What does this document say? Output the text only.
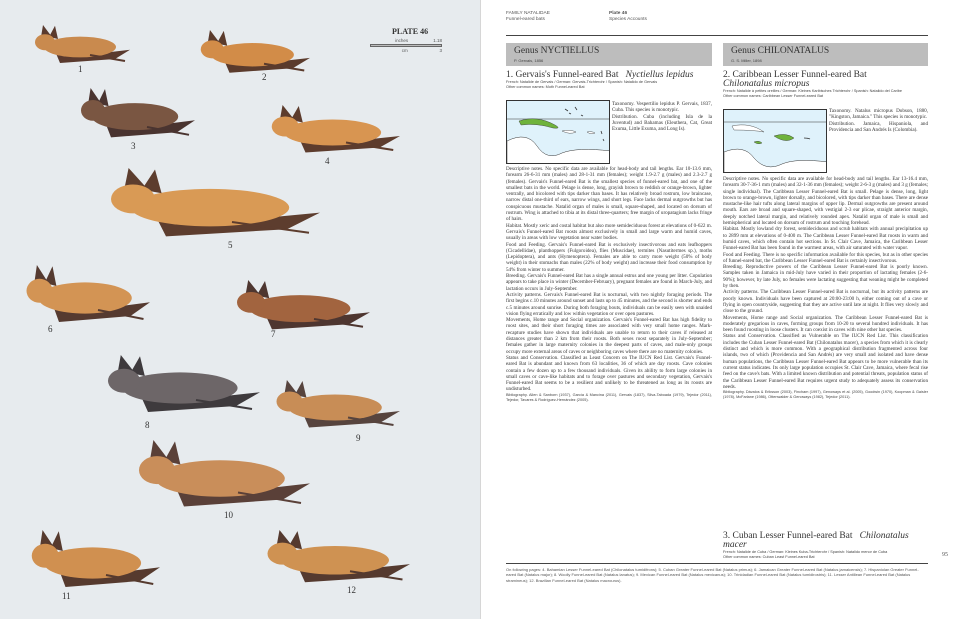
PLATE 46
inches	1.18
cm	3
1
2
3
4
5
6	7
8
9
10
11
12
FAMILY NATALIDAE
Funnel-eared bats
Plate 46
Species Accounts
Genus NYCTIELLUS
P. Gervais, 1856
Genus CHILONATALUS
G. S. Miller, 1898
1. Gervais's Funnel-eared Bat Nyctiellus lepidus
French: Natalide de Gervais / German: Gervais-Trichterohr / Spanish: Natalido de Gervais
Other common names: Moth Funnel-eared Bat

Taxonomy. Vespertilio lepidus P. Gervais, 1837, Cuba. This species is monotypic.

Distribution. Cuba (including Isla de la Juventud) and Bahamas (Eleuthera, Cat, Great Exuma, Little Exuma, and Long Is).

Descriptive notes. No specific data are available for head-body and tail lengths. Ear 10-13.6 mm, forearm 26-6-31 mm (males) and 28-1-31 mm (females); weight 1.9-2.7 g (males) and 2.3-2.7 g (females). Gervais's Funnel-eared Bat is the smallest species of funnel-eared bat, and one of the smallest bats in the world. Pelage is dense, long, grayish brown to reddish or orange-brown, lighter ventrally, and bicolored with tips darker than bases. It has relatively broad rostrum, low braincase, narrow distal one-third of ears, narrow wings, and short legs. Face lacks dermal outgrowths but has conspicuous mustache. Natalid organ of males is small, square-shaped, and located on dorsum of rostrum. Wing is attached to tibia at its distal three-quarters; free margin of uropatagium lacks fringe of hairs.

Habitat. Mostly xeric and costal habitat but also more semideciduous forest at elevations of 0-622 m. Gervais's Funnel-eared Bat roosts almost exclusively in small and large warm and humid caves, usually in areas with low vegetation near water bodies.

Food and Feeding. Gervais's Funnel-eared Bat is exclusively insectivorous and eats leafhoppers (Cicadellidae), planthoppers (Fulgoroidea), flies (Muscidae), termites (Nasutitermes sp.), moths (Lepidoptera), and ants (Hymenoptera). Females are able to carry more weight (50% of body weight) in their stomachs than males (22% of body weight) and increase their food consumption by 54% from winter to summer.

Breeding. Gervais's Funnel-eared Bat has a single annual estrus and one young per litter. Copulation appears to take place in winter (December-February), pregnant females are found in March-July, and lactation occurs in July-September.

Activity patterns. Gervais's Funnel-eared Bat is nocturnal, with two nightly foraging periods. The first begins c.10 minutes around sunset and lasts up to 45 minutes, and the second is shorter and ends c.5 minutes around sunrise. During both foraging bouts, individuals can be easily seen with unaided vision flying erratically and low within vegetation or over open pastures.

Movements, Home range and Social organization. Gervais's Funnel-eared Bat has high fidelity to roost sites, and their short foraging times are associated with very small home ranges. Mark-recapture studies have shown that individuals are unable to return to their caves if released at distances greater than 2 km from their roosts. Both sexes roost separately in July-September; females gather in large maternity colonies in the deepest parts of caves, and male-only groups occupy more external areas of caves or neighboring caves where there are no maternity colonies.

Status and Conservation. Classified as Least Concern on The IUCN Red List. Gervais's Funnel-eared Bat is abundant and known from 63 localities, 36 of which are day roosts. Cave colonies contain a few dozen up to a few thousand individuals. Given its ability to form large colonies in small caves or cave-like habitats and to forage over pastures and secondary vegetation, Gervais's Funnel-eared Bat seems to be a resilient and unlikely to be threatened as long as its roosts are undisturbed.

Bibliography. Allen & Sanborn (1937), García & Mancina (2011), Gervais (1837), Silva-Taboada (1979), Tejedor (2011), Tejedor, Tavares & Rodríguez-Hernández (2005).

2. Caribbean Lesser Funnel-eared Bat
Chilonatalus micropus
French: Natalide à petites oreilles / German: Kleines Karibisches Trichterohr / Spanish: Natalido del Caribe
Other common names: Caribbean Lesser Funnel-eared Bat

Taxonomy. Natalus micropus Dobson, 1880, "Kingston, Jamaica." This species is monotypic.

Distribution. Jamaica, Hispaniola, and Providencia and San Andrés Is (Colombia).

Descriptive notes. No specific data are available for head-body and tail lengths. Ear 13-16.4 mm, forearm 30-7-36-1 mm (males) and 32-1-36 mm (females); weight 2-6-3 g (males) and 3 g (females; single individual). The Caribbean Lesser Funnel-eared Bat is small. Pelage is dense, long, light brown to orange-brown, lighter dorsally, and bicolored, with tips darker than bases. There are dense mustache-like hair tufts along lateral margins of upper lip. Dermal outgrowths are present around mouth. Ears are broad and square-shaped, with vestigial 2-3 ear plicae, straight anterior margin, deeply notched lateral margin, and relatively rounded apex. Natalid organ of male is small and hemispherical and located on dorsum of rostrum and touching forehead.

Habitat. Mostly lowland dry forest, semideciduous and scrub habitats with annual precipitation up to 2899 mm at elevations of 0-400 m. The Caribbean Lesser Funnel-eared Bat roosts in warm and humid caves, which often contain hot sections. In St. Clair Cave, Jamaica, the Caribbean Lesser Funnel-eared Bat has been found in the warmest areas, with air saturated with water vapor.

Food and Feeding. There is no specific information available for this species, but as in other species of funnel-eared bat, the Caribbean Lesser Funnel-eared Bat is certainly insectivorous.

Breeding. Reproductive powers of the Caribbean Lesser Funnel-eared Bat is poorly known. Samples taken in Jamaica in mid-July have varied in their proportion of lactating females (2-6-90%); however, by late July, no females were lactating suggesting that weaning might be completed by then.

Activity patterns. The Caribbean Lesser Funnel-eared Bat is nocturnal, but its activity patterns are poorly known. Individuals have been captured at 20:00-23:00 h, either coming out of a cave or flying in open countryside, suggesting that they are active until late at night. It flies very slowly and close to the ground.

Movements, Home range and Social organization. The Caribbean Lesser Funnel-eared Bat is moderately gregarious in caves, forming groups from 10-20 to several hundred individuals. It has been found roosting in loose clusters. It can coexist in caves with nine other bat species.

Status and Conservation. Classified as Vulnerable on The IUCN Red List. This classification includes the Cuban Lesser Funnel-eared Bat (Chilonatalus macer), a species from which it is clearly distinct and which is more common. With a geographical distribution fragmented across four islands, two of which (Providencia and San Andrés) are very small and isolated and have dense human populations, the Caribbean Lesser Funnel-eared Bat appears to be more vulnerable than its current status indicates. Its only large population occupies St. Clair Cave, Jamaica, where fecal rise feed on the cave's bats. With a limited known distribution and potential threats, population status of the Caribbean Lesser Funnel-eared Bat requires urgent study to adequately assess its conservation needs.

Bibliography. Dávalos & Eriksson (2003), Fincham (1997), Genoways et al. (2005), Goodwin (1970), Koopman & Gaisler (1978), McFarlane (1986), Ottenwalder & Genoways (1982), Tejedor (2011).

3. Cuban Lesser Funnel-eared Bat Chilonatalus macer
French: Natalide de Cuba / German: Kleines Kuba-Trichterohr / Spanish: Natalido menor de Cuba
Other common names: Cuban Least Funnel-eared Bat
On following pages: 4. Bahamian Lesser Funnel-eared Bat (Chilonatalus tumidifrons); 5. Cuban Greater Funnel-eared Bat (Natalus primus); 6. Jamaican Greater Funnel-eared Bat (Natalus jamaicensis); 7. Hispaniolan Greater Funnel-eared Bat (Natalus major); 8. Woolly Funnel-eared Bat (Natalus lanatus); 9. Mexican Funnel-eared Bat (Natalus mexicanus); 10. Trinidadian Funnel-eared Bat (Natalus tumidirostris); 11. Lesser Antillean Funnel-eared Bat (Natalus stramineus); 12. Brazilian Funnel-eared Bat (Natalus macrourus).
95
